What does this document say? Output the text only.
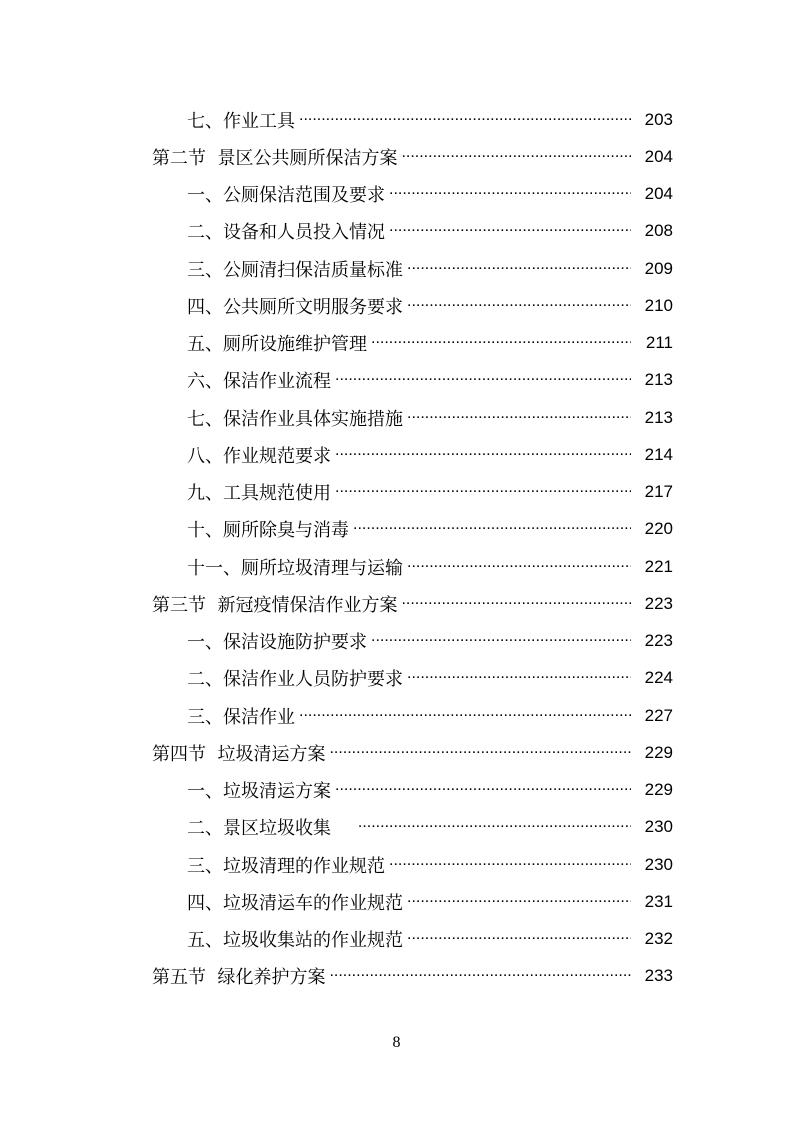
七、作业工具 .....	203
第二节  景区公共厕所保洁方案 .....	204
一、公厕保洁范围及要求 .....	204
二、设备和人员投入情况 .....	208
三、公厕清扫保洁质量标准 .....	209
四、公共厕所文明服务要求 .....	210
五、厕所设施维护管理 .....	211
六、保洁作业流程 .....	213
七、保洁作业具体实施措施 .....	213
八、作业规范要求 .....	214
九、工具规范使用 .....	217
十、厕所除臭与消毒 .....	220
十一、厕所垃圾清理与运输 .....	221
第三节  新冠疫情保洁作业方案 .....	223
一、保洁设施防护要求 .....	223
二、保洁作业人员防护要求 .....	224
三、保洁作业 .....	227
第四节  垃圾清运方案 .....	229
一、垃圾清运方案 .....	229
二、景区垃圾收集 .....	230
三、垃圾清理的作业规范 .....	230
四、垃圾清运车的作业规范 .....	231
五、垃圾收集站的作业规范 .....	232
第五节  绿化养护方案 .....	233
8
